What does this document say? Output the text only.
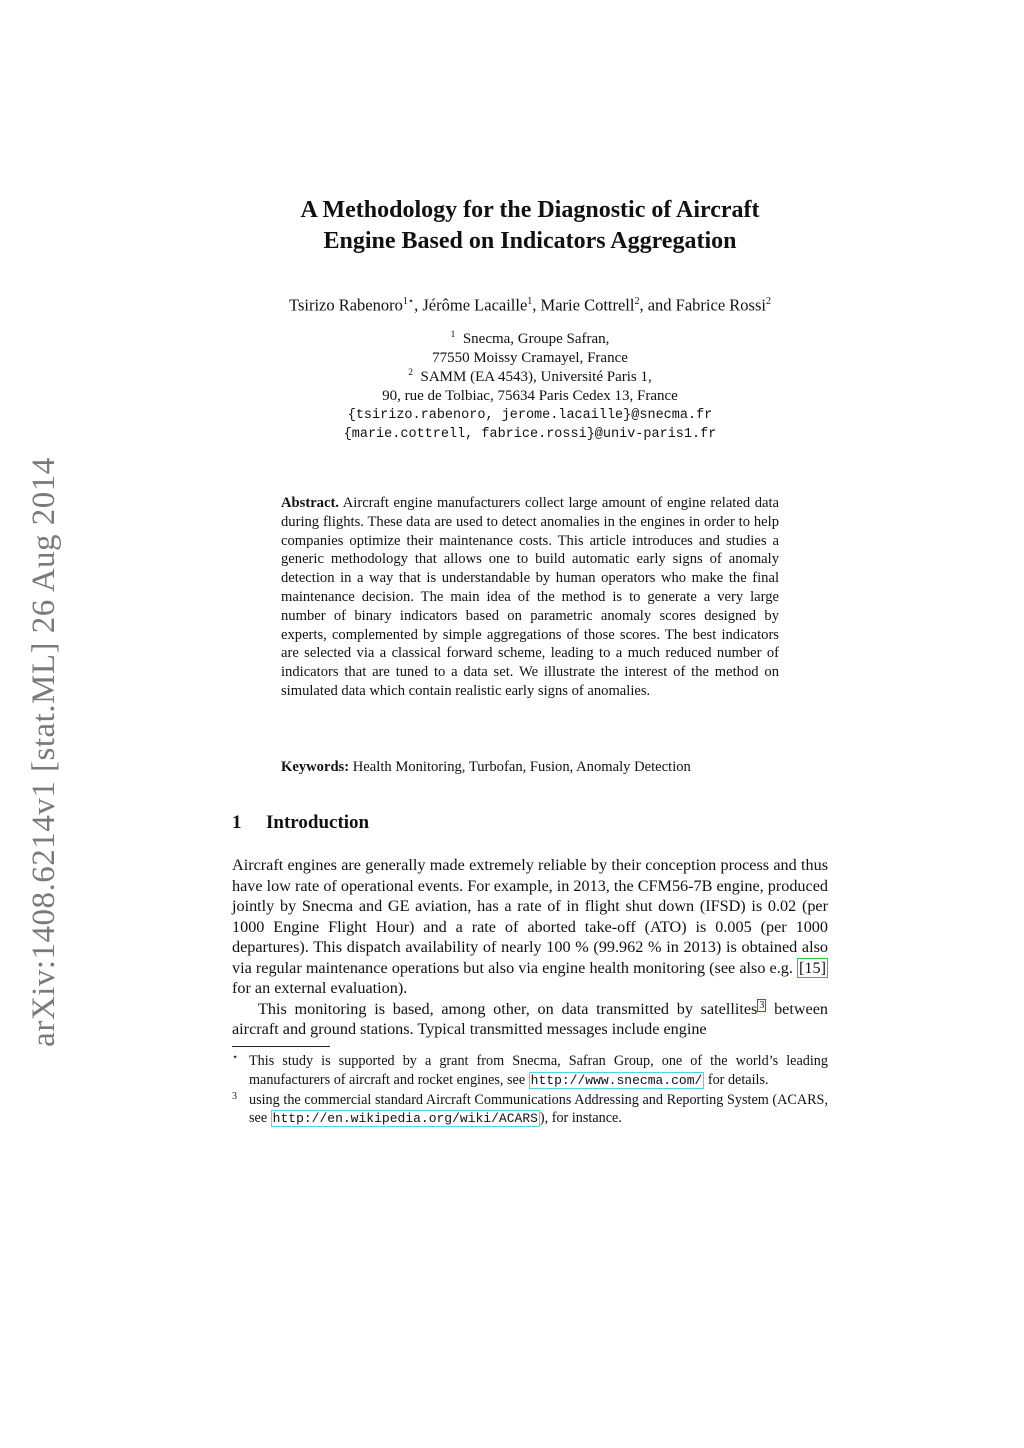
arXiv:1408.6214v1 [stat.ML] 26 Aug 2014
A Methodology for the Diagnostic of Aircraft
Engine Based on Indicators Aggregation
Tsirizo Rabenoro$^{1⋆}$, Jérôme Lacaille$^1$, Marie Cottrell$^2$, and Fabrice Rossi$^2$
$^1$ Snecma, Groupe Safran,
77550 Moissy Cramayel, France
$^2$ SAMM (EA 4543), Université Paris 1,
90, rue de Tolbiac, 75634 Paris Cedex 13, France
{tsirizo.rabenoro, jerome.lacaille}@snecma.fr
{marie.cottrell, fabrice.rossi}@univ-paris1.fr
Abstract. Aircraft engine manufacturers collect large amount of engine related data during flights. These data are used to detect anomalies in the engines in order to help companies optimize their maintenance costs. This article introduces and studies a generic methodology that allows one to build automatic early signs of anomaly detection in a way that is understandable by human operators who make the final maintenance decision. The main idea of the method is to generate a very large number of binary indicators based on parametric anomaly scores designed by experts, complemented by simple aggregations of those scores. The best indicators are selected via a classical forward scheme, leading to a much reduced number of indicators that are tuned to a data set. We illustrate the interest of the method on simulated data which contain realistic early signs of anomalies.
Keywords: Health Monitoring, Turbofan, Fusion, Anomaly Detection
1 Introduction

Aircraft engines are generally made extremely reliable by their conception process and thus have low rate of operational events. For example, in 2013, the CFM56-7B engine, produced jointly by Snecma and GE aviation, has a rate of in flight shut down (IFSD) is 0.02 (per 1000 Engine Flight Hour) and a rate of aborted take-off (ATO) is 0.005 (per 1000 departures). This dispatch availability of nearly 100 % (99.962 % in 2013) is obtained also via regular maintenance operations but also via engine health monitoring (see also e.g. [15] for an external evaluation).

This monitoring is based, among other, on data transmitted by satellites $^3$ between aircraft and ground stations. Typical transmitted messages include engine

⋆ This study is supported by a grant from Snecma, Safran Group, one of the world’s leading manufacturers of aircraft and rocket engines, see http://www.snecma.com/ for details.
3 using the commercial standard Aircraft Communications Addressing and Reporting System (ACARS, see http://en.wikipedia.org/wiki/ACARS ), for instance.
